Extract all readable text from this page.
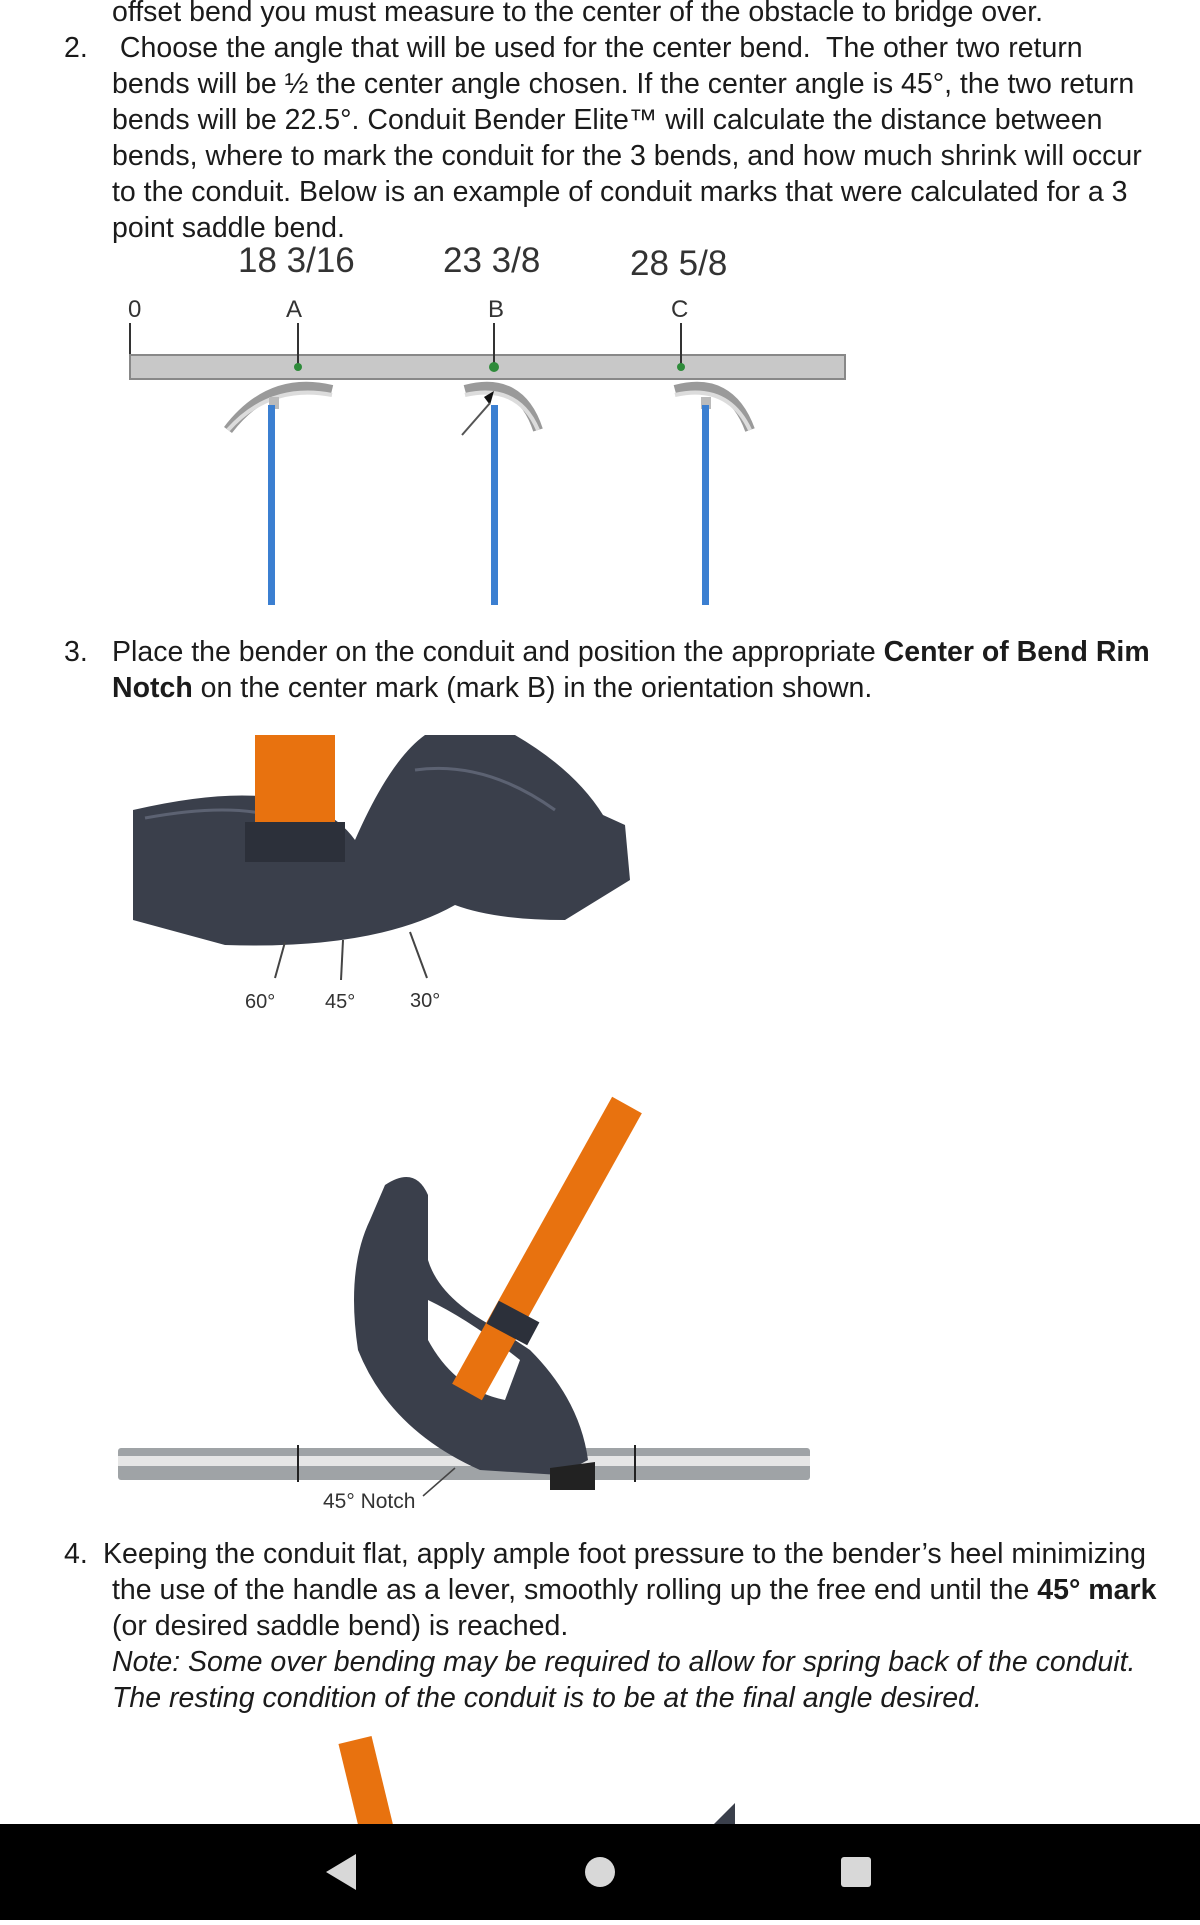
offset bend you must measure to the center of the obstacle to bridge over.
2. Choose the angle that will be used for the center bend.  The other two return
bends will be ½ the center angle chosen. If the center angle is 45°, the two return
bends will be 22.5°. Conduit Bender Elite™ will calculate the distance between
bends, where to mark the conduit for the 3 bends, and how much shrink will occur
to the conduit. Below is an example of conduit marks that were calculated for a 3
point saddle bend.
0
18 3/16
A
23 3/8
B
28 5/8
C
3. Place the bender on the conduit and position the appropriate Center of Bend Rim
Notch on the center mark (mark B) in the orientation shown.
60° 45°	30°
45° Notch
4. Keeping the conduit flat, apply ample foot pressure to the bender’s heel minimizing
the use of the handle as a lever, smoothly rolling up the free end until the 45° mark
(or desired saddle bend) is reached.
Note: Some over bending may be required to allow for spring back of the conduit.
The resting condition of the conduit is to be at the final angle desired.
